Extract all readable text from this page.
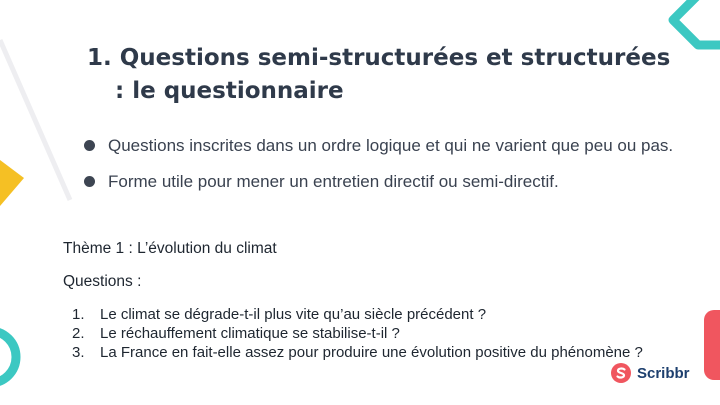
1. Questions semi-structurées et structurées
: le questionnaire
Questions inscrites dans un ordre logique et qui ne varient que peu ou pas.
Forme utile pour mener un entretien directif ou semi-directif.
Thème 1 : L’évolution du climat
Questions :
1. Le climat se dégrade-t-il plus vite qu’au siècle précédent ?
2. Le réchauffement climatique se stabilise-t-il ?
3. La France en fait-elle assez pour produire une évolution positive du phénomène ?
Scribbr
